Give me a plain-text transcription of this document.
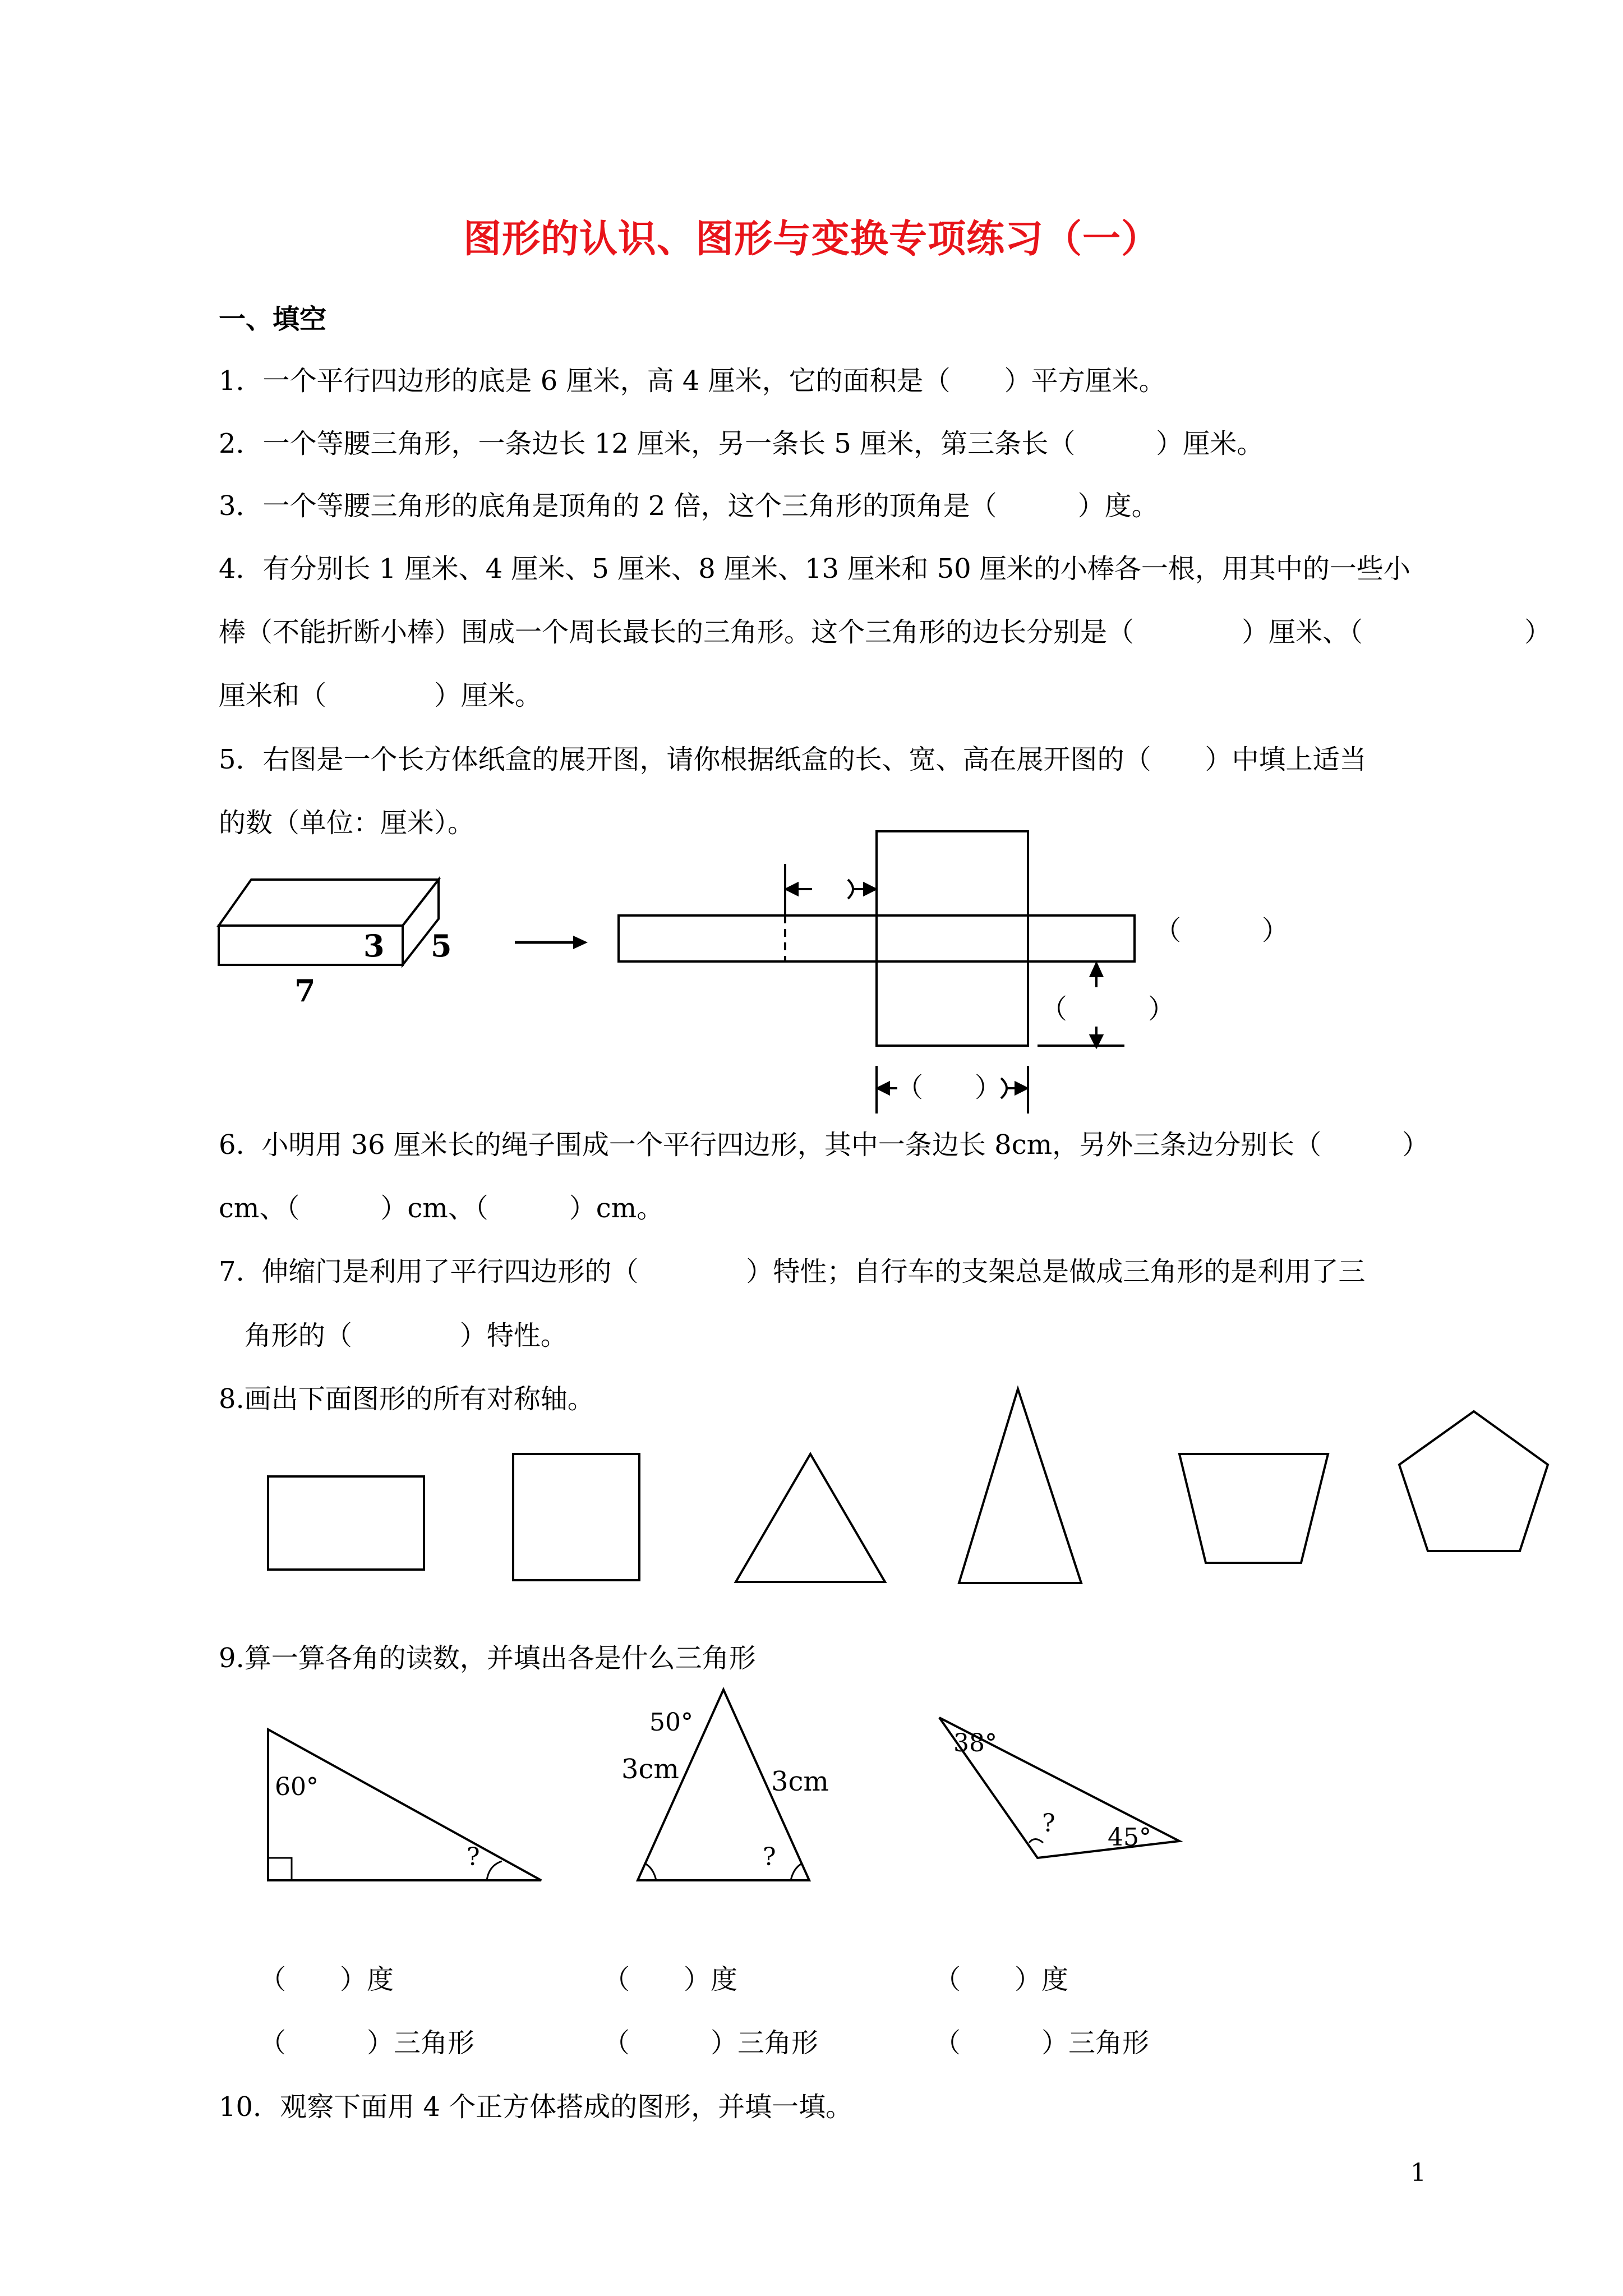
图形的认识、图形与变换专项练习（一）
一、填空
1．一个平行四边形的底是 6 厘米，高 4 厘米，它的面积是（　　）平方厘米。
2．一个等腰三角形，一条边长 12 厘米，另一条长 5 厘米，第三条长（　　　）厘米。
3．一个等腰三角形的底角是顶角的 2 倍，这个三角形的顶角是（　　　）度。
4．有分别长 1 厘米、4 厘米、5 厘米、8 厘米、13 厘米和 50 厘米的小棒各一根，用其中的一些小
棒（不能折断小棒）围成一个周长最长的三角形。这个三角形的边长分别是（　　　　）厘米、（　　　　　　）
厘米和（　　　　）厘米。
5．右图是一个长方体纸盒的展开图，请你根据纸盒的长、宽、高在展开图的（　　）中填上适当
的数（单位：厘米）。
3 5
7
（　　　）
（　　　）
（ ）
6.  小明用 36 厘米长的绳子围成一个平行四边形，其中一条边长 8cm，另外三条边分别长（　　　）
cm、（　　　）cm、（　　　）cm。
7.  伸缩门是利用了平行四边形的（　　　　）特性；自行车的支架总是做成三角形的是利用了三
角形的（　　　　）特性。
8.画出下面图形的所有对称轴。
9.算一算各角的读数，并填出各是什么三角形
60°
?
50°
3cm	3cm
?
38°
? 45°
（　　）度	（　　）度	（　　）度
（　　　）三角形	（　　　）三角形	（　　　）三角形
10．观察下面用 4 个正方体搭成的图形，并填一填。
1
